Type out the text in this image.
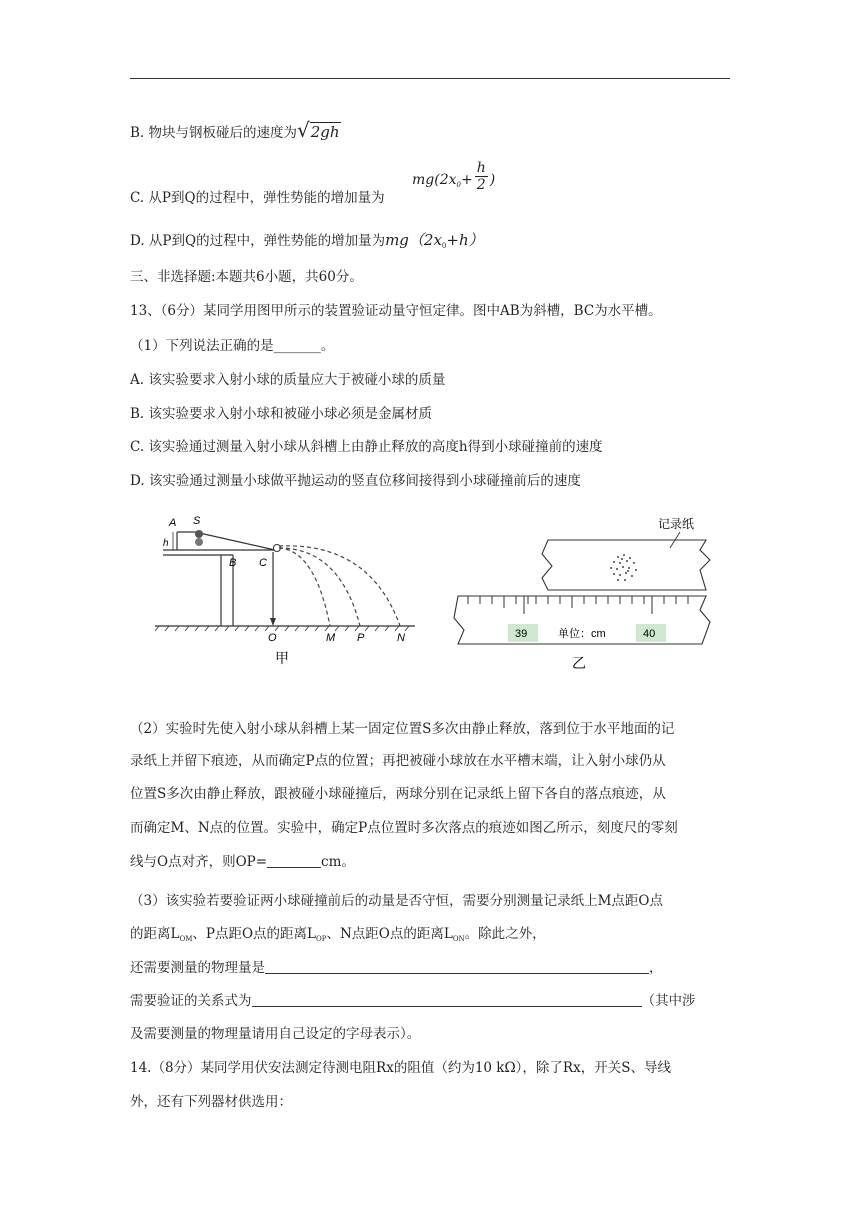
B. 物块与钢板碰后的速度为√2gh
C. 从P到Q的过程中，弹性势能的增加量为
$mg(2x_0+ \frac{h}{2}$ )
D. 从P到Q的过程中，弹性势能的增加量为$mg(2x_0+h)$
三、非选择题:本题共6小题，共60分。
13、（6分）某同学用图甲所示的装置验证动量守恒定律。图中AB为斜槽，BC为水平槽。
（1）下列说法正确的是_______。
A. 该实验要求入射小球的质量应大于被碰小球的质量
B. 该实验要求入射小球和被碰小球必须是金属材质
C. 该实验通过测量入射小球从斜槽上由静止释放的高度h得到小球碰撞前的速度
D. 该实验通过测量小球做平抛运动的竖直位移间接得到小球碰撞前后的速度
A S
h
B C
O	M P	N
甲
记录纸
39	40
单位：cm
乙
（2）实验时先使入射小球从斜槽上某一固定位置S多次由静止释放，落到位于水平地面的记
录纸上并留下痕迹，从而确定P点的位置；再把被碰小球放在水平槽末端，让入射小球仍从
位置S多次由静止释放，跟被碰小球碰撞后，两球分别在记录纸上留下各自的落点痕迹，从
而确定M、N点的位置。实验中，确定P点位置时多次落点的痕迹如图乙所示，刻度尺的零刻
线与O点对齐，则OP=	cm。
（3）该实验若要验证两小球碰撞前后的动量是否守恒，需要分别测量记录纸上M点距O点
的距离$L_{OM}$、P点距O点的距离$L_{OP}$、N点距O点的距离$L_{ON}$。除此之外，
还需要测量的物理量是	，
需要验证的关系式为	（其中涉
及需要测量的物理量请用自己设定的字母表示）。
14.（8分）某同学用伏安法测定待测电阻Rx的阻值（约为10 kΩ），除了Rx，开关S、导线
外，还有下列器材供选用：
